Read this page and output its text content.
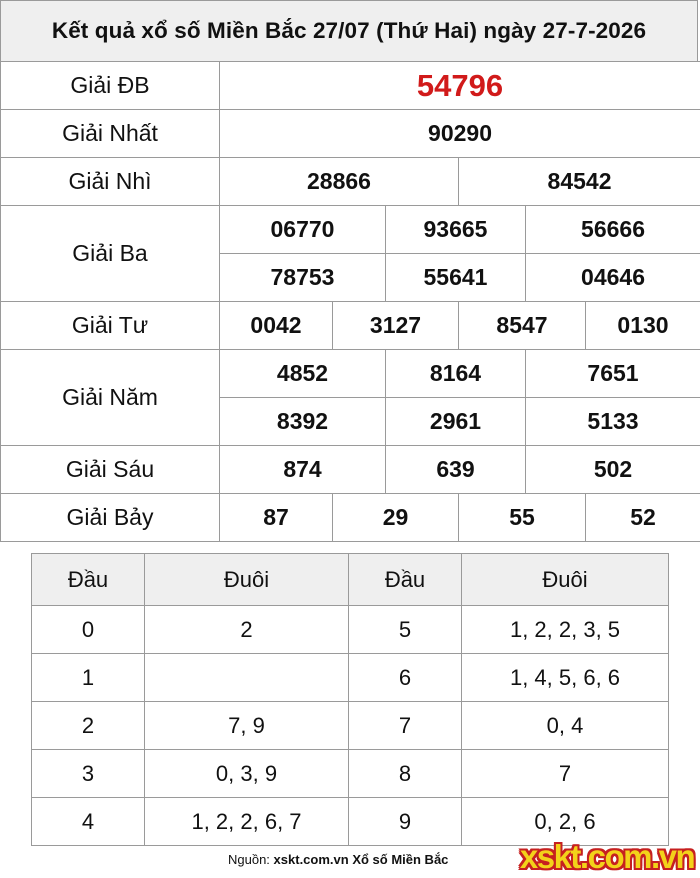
Kết quả xổ số Miền Bắc 27/07 (Thứ Hai) ngày 27-7-2026
Giải ĐB	54796					
Giải Nhất	90290					
Giải Nhì	28866			84542		
Giải Ba	06770		93665		56666	
	78753		55641		04646	
Giải Tư	0042	3127		8547		0130
Giải Năm	4852		8164		7651	
	8392		2961		5133	
Giải Sáu	874		639		502	
Giải Bảy	87	29		55		52
Đầu	Đuôi	Đầu	Đuôi
0	2	5	1, 2, 2, 3, 5
1		6	1, 4, 5, 6, 6
2	7, 9	7	0, 4
3	0, 3, 9	8	7
4	1, 2, 2, 6, 7	9	0, 2, 6
Nguồn: xskt.com.vn Xổ số Miền Bắc xskt.com.vn
